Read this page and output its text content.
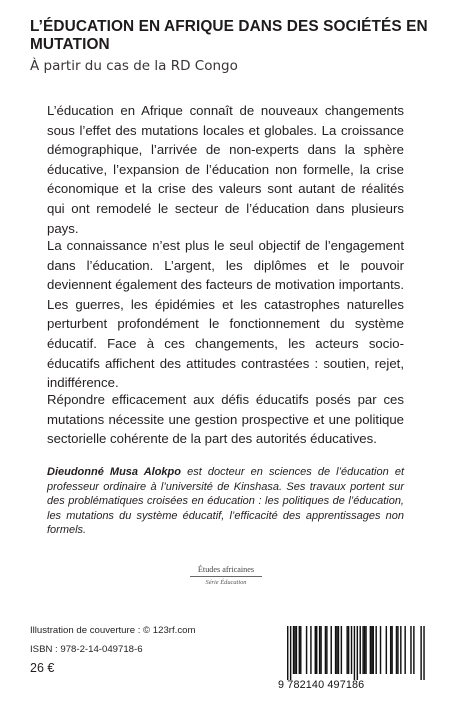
L’ÉDUCATION EN AFRIQUE DANS DES SOCIÉTÉS EN MUTATION
À partir du cas de la RD Congo
L’éducation en Afrique connaît de nouveaux changements sous l’effet des mutations locales et globales. La croissance démographique, l’arrivée de non-experts dans la sphère éducative, l’expansion de l’éducation non formelle, la crise économique et la crise des valeurs sont autant de réalités qui ont remodelé le secteur de l’éducation dans plusieurs pays.
La connaissance n’est plus le seul objectif de l’engagement dans l’éducation. L’argent, les diplômes et le pouvoir deviennent également des facteurs de motivation importants. Les guerres, les épidémies et les catastrophes naturelles perturbent profondément le fonctionnement du système éducatif. Face à ces changements, les acteurs socio-éducatifs affichent des attitudes contrastées : soutien, rejet, indifférence.
Répondre efficacement aux défis éducatifs posés par ces mutations nécessite une gestion prospective et une politique sectorielle cohérente de la part des autorités éducatives.
Dieudonné Musa Alokpo est docteur en sciences de l’éducation et professeur ordinaire à l’université de Kinshasa. Ses travaux portent sur des problématiques croisées en éducation : les politiques de l’éducation, les mutations du système éducatif, l’efficacité des apprentissages non formels.
Études africaines
Série Éducation
Illustration de couverture : © 123rf.com
ISBN : 978-2-14-049718-6
26 €
9 782140 497186
